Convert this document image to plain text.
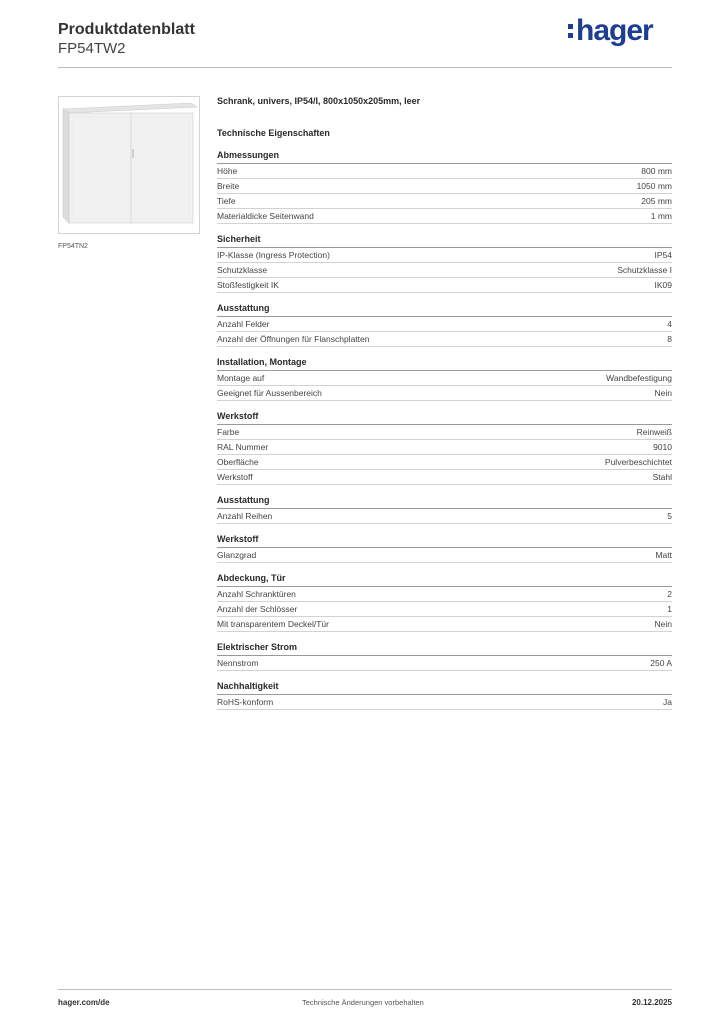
Produktdatenblatt
FP54TW2
hager
FP54TN2
Schrank, univers, IP54/I, 800x1050x205mm, leer
Technische Eigenschaften
Abmessungen
Höhe	800 mm
Breite	1050 mm
Tiefe	205 mm
Materialdicke Seitenwand	1 mm
Sicherheit
IP-Klasse (Ingress Protection)	IP54
Schutzklasse	Schutzklasse I
Stoßfestigkeit IK	IK09
Ausstattung
Anzahl Felder	4
Anzahl der Öffnungen für Flanschplatten	8
Installation, Montage
Montage auf	Wandbefestigung
Geeignet für Aussenbereich	Nein
Werkstoff
Farbe	Reinweiß
RAL Nummer	9010
Oberfläche	Pulverbeschichtet
Werkstoff	Stahl
Ausstattung
Anzahl Reihen	5
Werkstoff
Glanzgrad	Matt
Abdeckung, Tür
Anzahl Schranktüren	2
Anzahl der Schlösser	1
Mit transparentem Deckel/Tür	Nein
Elektrischer Strom
Nennstrom	250 A
Nachhaltigkeit
RoHS-konform	Ja
hager.com/de	Technische Änderungen vorbehalten	20.12.2025
